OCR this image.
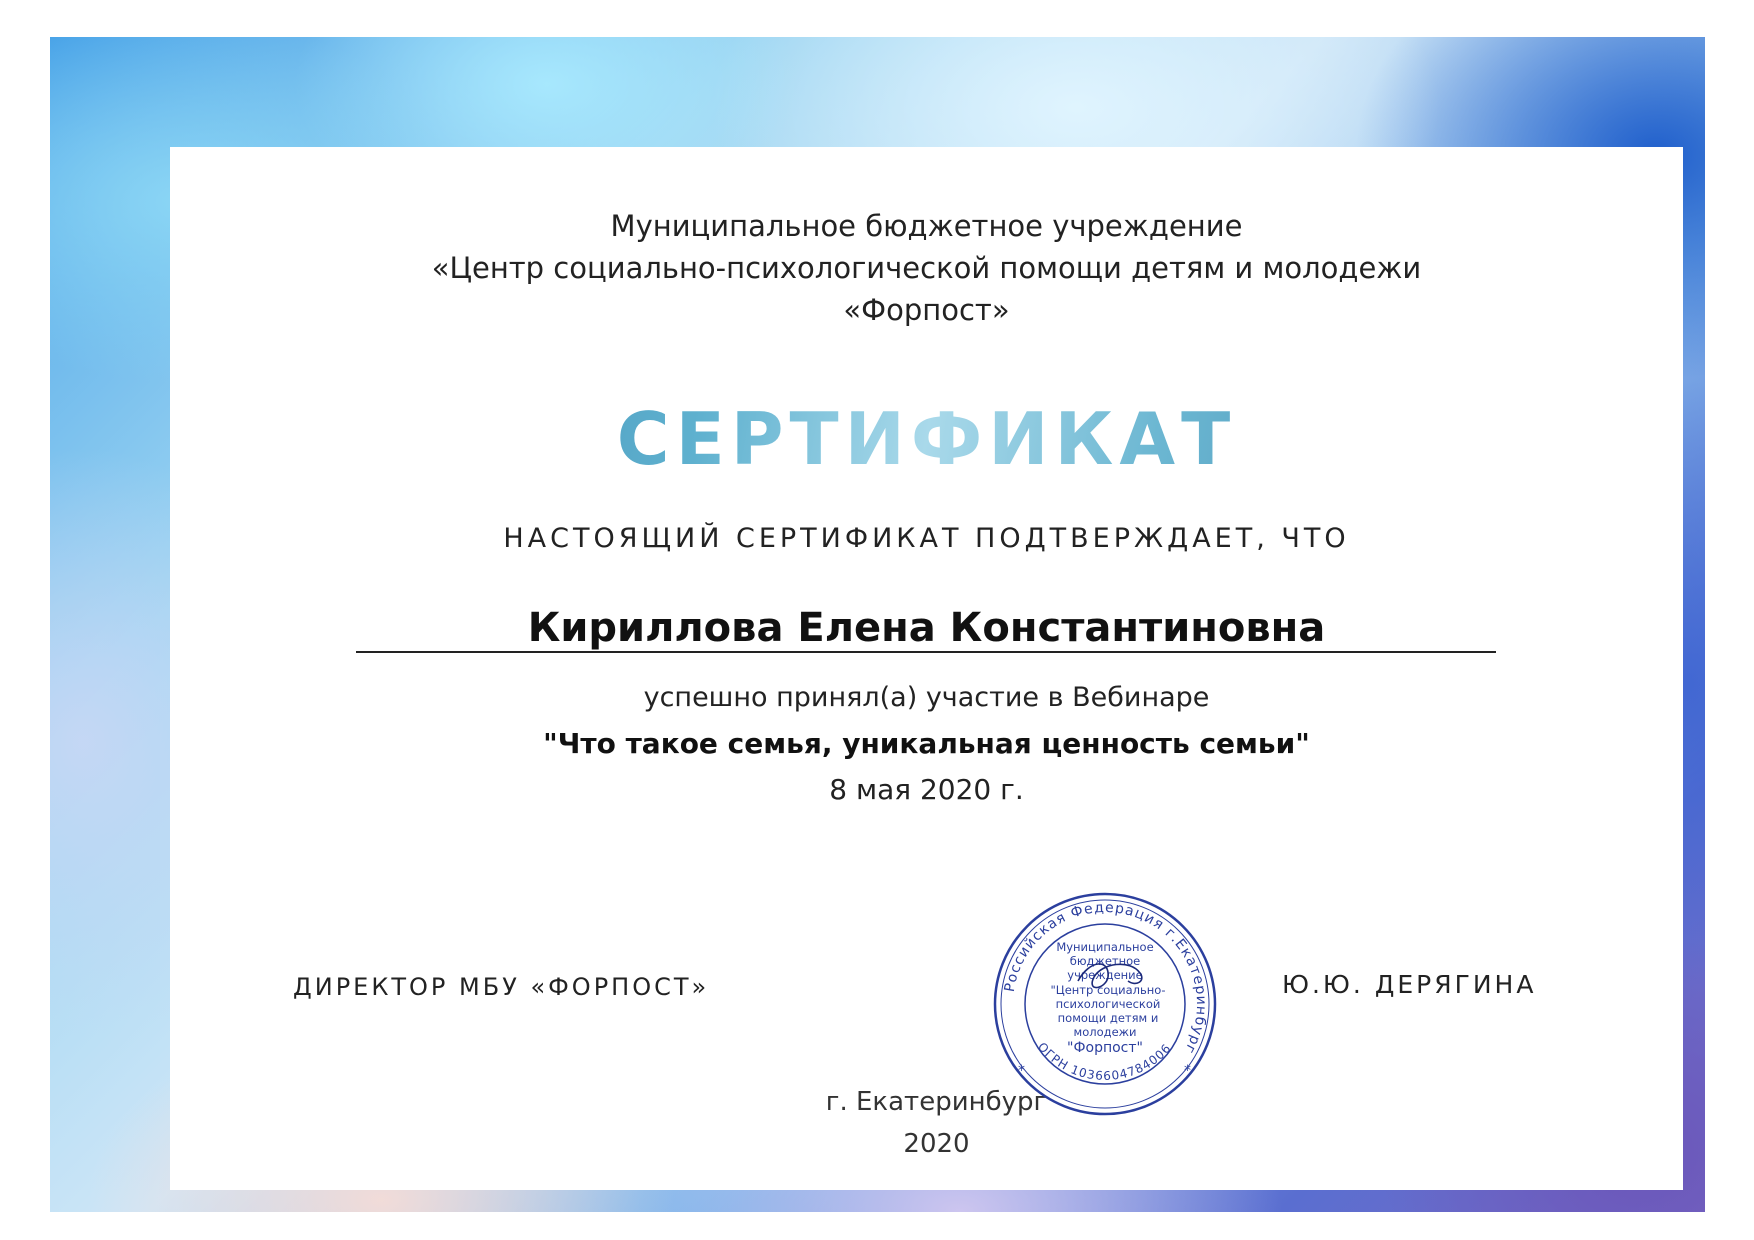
Муниципальное бюджетное учреждение
«Центр социально-психологической помощи детям и молодежи
«Форпост»
СЕРТИФИКАТ
НАСТОЯЩИЙ СЕРТИФИКАТ ПОДТВЕРЖДАЕТ, ЧТО
Кириллова Елена Константиновна
успешно принял(а) участие в Вебинаре
"Что такое семья, уникальная ценность семьи"
8 мая 2020 г.
ДИРЕКТОР МБУ «ФОРПОСТ»	Ю.Ю. ДЕРЯГИНА
г. Екатеринбург
2020
Российская Федерация г.Екатеринбург
ОГРН 1036604784006
*	*
Муниципальное
бюджетное
учреждение
"Центр социально-
психологической
помощи детям и
молодежи
"Форпост"
